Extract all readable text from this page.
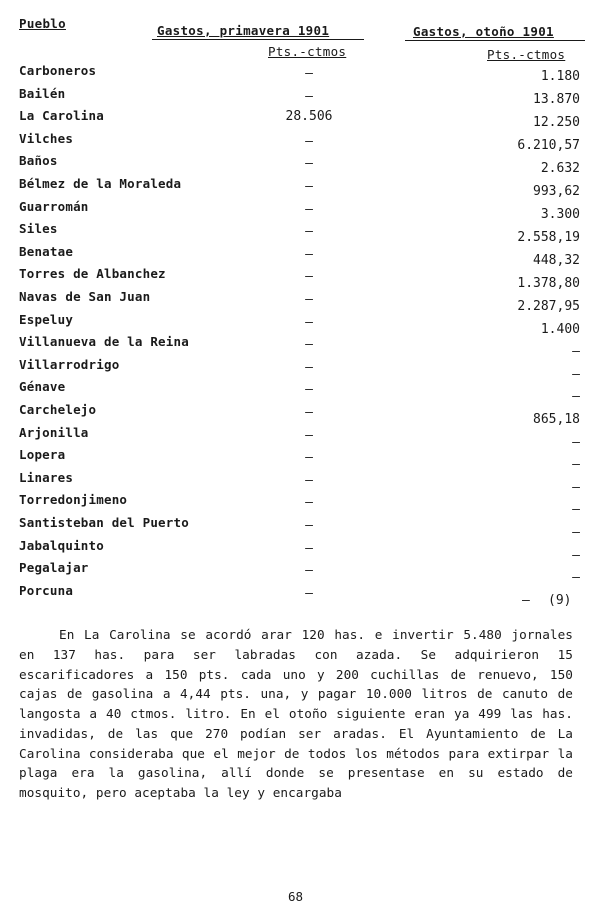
Pueblo	Gastos, primavera 1901	Gastos, otoño 1901
Pts.-ctmos	Pts.-ctmos
Carboneros	–	1.180
Bailén	–	13.870
La Carolina	28.506	12.250
Vilches	–	6.210,57
Baños	–	2.632
Bélmez de la Moraleda	–	993,62
Guarromán	–	3.300
Siles	–	2.558,19
Benatae	–	448,32
Torres de Albanchez	–	1.378,80
Navas de San Juan	–	2.287,95
Espeluy	–	1.400
Villanueva de la Reina	–	–
Villarrodrigo	–	–
Génave	–	–
Carchelejo	–	865,18
Arjonilla	–	–
Lopera	–	–
Linares	–	–
Torredonjimeno	–	–
Santisteban del Puerto	–	–
Jabalquinto	–	–
Pegalajar	–	–
Porcuna	–	–	(9)
En La Carolina se acordó arar 120 has. e invertir 5.480 jornales en 137 has. para ser labradas con azada. Se adquirieron 15 escarificadores a 150 pts. cada uno y 200 cuchillas de renuevo, 150 cajas de gasolina a 4,44 pts. una, y pagar 10.000 litros de canuto de langosta a 40 ctmos. litro. En el otoño siguiente eran ya 499 las has. invadidas, de las que 270 podían ser aradas. El Ayuntamiento de La Carolina consideraba que el mejor de todos los métodos para extirpar la plaga era la gasolina, allí donde se presentase en su estado de mosquito, pero aceptaba la ley y encargaba
68
